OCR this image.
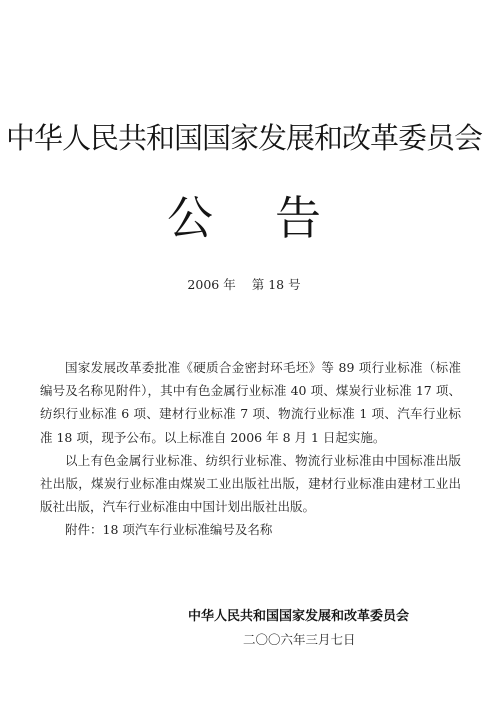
中华人民共和国国家发展和改革委员会
公告
2006 年 第 18 号

国家发展改革委批准《硬质合金密封环毛坯》等 89 项行业标准（标准编号及名称见附件），其中有色金属行业标准 40 项、煤炭行业标准 17 项、纺织行业标准 6 项、建材行业标准 7 项、物流行业标准 1 项、汽车行业标准 18 项，现予公布。以上标准自 2006 年 8 月 1 日起实施。

以上有色金属行业标准、纺织行业标准、物流行业标准由中国标准出版社出版，煤炭行业标准由煤炭工业出版社出版，建材行业标准由建材工业出版社出版，汽车行业标准由中国计划出版社出版。

附件：18 项汽车行业标准编号及名称

中华人民共和国国家发展和改革委员会
二〇〇六年三月七日
